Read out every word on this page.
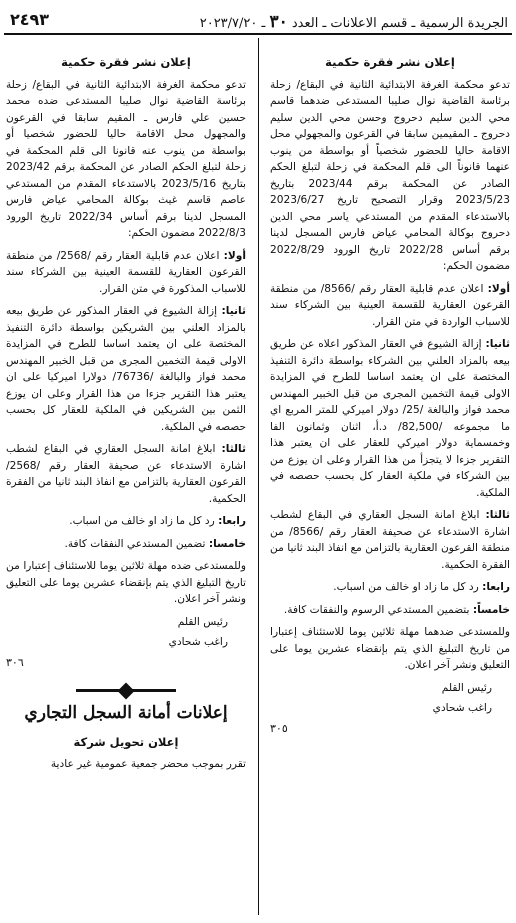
الجريدة الرسمية ـ قسم الاعلانات ـ العدد ٣٠ ـ ٢٠٢٣/٧/٢٠
٢٤٩٣
إعلان نشر فقرة حكمية

تدعو محكمة الغرفة الابتدائية الثانية في البقاع/ زحلة برئاسة القاضية نوال صليبا المستدعى ضدهما قاسم محي الدين سليم دحروج وحسن محي الدين سليم دحروج ـ المقيمين سابقا في القرعون والمجهولي محل الاقامة حاليا للحضور شخصياً أو بواسطة من ينوب عنهما قانوناً الى قلم المحكمة في زحلة لتبلغ الحكم الصادر عن المحكمة برقم 2023/44 بتاريخ 2023/5/23 وقرار التصحيح تاريخ 2023/6/27 بالاستدعاء المقدم من المستدعي ياسر محي الدين دحروج بوكالة المحامي عياض فارس المسجل لدينا برقم أساس 2022/28 تاريخ الورود 2022/8/29 مضمون الحكم:

أولا: اعلان عدم قابلية العقار رقم /8566/ من منطقة القرعون العقارية للقسمة العينية بين الشركاء سند للاسباب الواردة في متن القرار.

ثانيا: إزالة الشيوع في العقار المذكور اعلاه عن طريق بيعه بالمزاد العلني بين الشركاء بواسطة دائرة التنفيذ المختصة على ان يعتمد اساسا للطرح في المزايدة الاولى قيمة التخمين المجرى من قبل الخبير المهندس محمد فواز والبالغة /25/ دولار اميركي للمتر المربع اي ما مجموعه /82,500/ د.أ، اثنان وثمانون الفا وخمسماية دولار اميركي للعقار على ان يعتبر هذا التقرير جزءا لا يتجزأ من هذا القرار وعلى ان يوزع من بين الشركاء في ملكية العقار كل بحسب حصصه في الملكية.

ثالثا: ابلاغ امانة السجل العقاري في البقاع لشطب اشارة الاستدعاء عن صحيفة العقار رقم /8566/ من منطقة القرعون العقارية بالتزامن مع انفاذ البند ثانيا من الفقرة الحكمية.

رابعا: رد كل ما زاد او خالف من اسباب.

خامساً: بتضمين المستدعي الرسوم والنفقات كافة.

وللمستدعى ضدهما مهلة ثلاثين يوما للاستئناف إعتبارا من تاريخ التبليغ الذي يتم بإنقضاء عشرين يوما على التعليق ونشر آخر اعلان.

رئيس القلم
راغب شحادي
٣٠٥
إعلان نشر فقرة حكمية

تدعو محكمة الغرفة الابتدائية الثانية في البقاع/ زحلة برئاسة القاضية نوال صليبا المستدعى ضده محمد حسين علي فارس ـ المقيم سابقا في القرعون والمجهول محل الاقامة حاليا للحضور شخصيا أو بواسطة من ينوب عنه قانونا الى قلم المحكمة في زحلة لتبلغ الحكم الصادر عن المحكمة برقم 2023/42 بتاريخ 2023/5/16 بالاستدعاء المقدم من المستدعي عاصم قاسم غيث بوكالة المحامي عياض فارس المسجل لدينا برقم أساس 2022/34 تاريخ الورود 2022/8/3 مضمون الحكم:

أولا: اعلان عدم قابلية العقار رقم /2568/ من منطقة القرعون العقارية للقسمة العينية بين الشركاء سند للاسباب المذكورة في متن القرار.

ثانيا: إزالة الشيوع في العقار المذكور عن طريق بيعه بالمزاد العلني بين الشريكين بواسطة دائرة التنفيذ المختصة على ان يعتمد اساسا للطرح في المزايدة الاولى قيمة التخمين المجرى من قبل الخبير المهندس محمد فواز والبالغة /76736/ دولارا اميركيا على ان يعتبر هذا التقرير جزءا من هذا القرار وعلى ان يوزع الثمن بين الشريكين في الملكية للعقار كل بحسب حصصه في الملكية.

ثالثا: ابلاغ امانة السجل العقاري في البقاع لشطب اشارة الاستدعاء عن صحيفة العقار رقم /2568/ القرعون العقارية بالتزامن مع انفاذ البند ثانيا من الفقرة الحكمية.

رابعا: رد كل ما زاد او خالف من اسباب.

خامسا: تضمين المستدعي النفقات كافة.

وللمستدعى ضده مهلة ثلاثين يوما للاستئناف إعتبارا من تاريخ التبليغ الذي يتم بإنقضاء عشرين يوما على التعليق ونشر آخر اعلان.

رئيس القلم
راغب شحادي
٣٠٦
إعلانات أمانة السجل التجاري
إعلان تحويل شركة

تقرر بموجب محضر جمعية عمومية غير عادية
